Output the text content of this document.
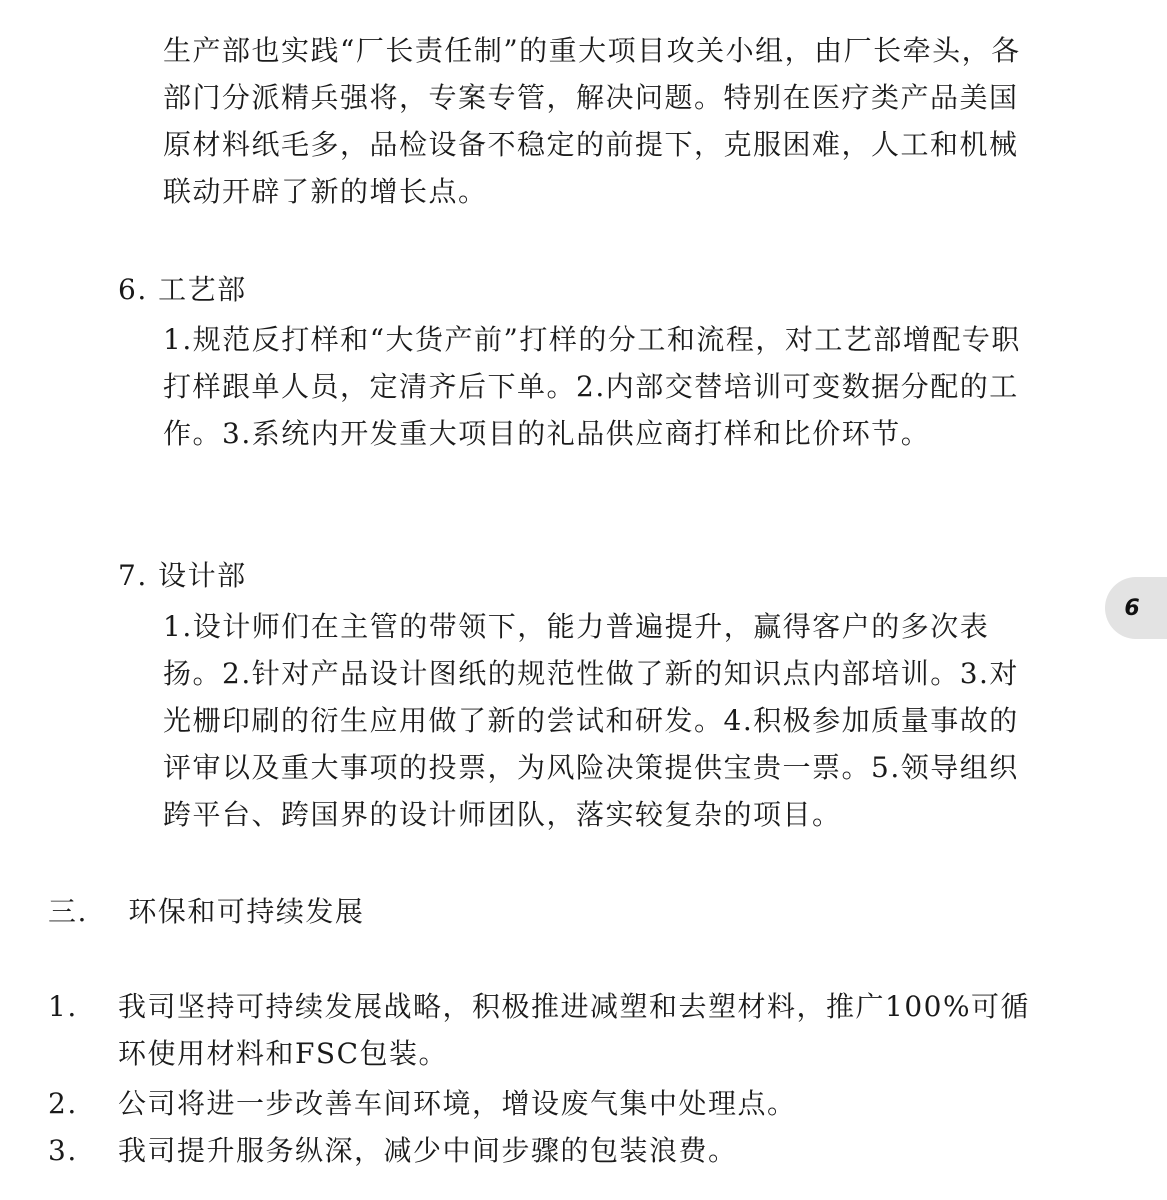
生产部也实践“厂长责任制”的重大项目攻关小组，由厂长牵头，各部门分派精兵强将，专案专管，解决问题。特别在医疗类产品美国原材料纸毛多，品检设备不稳定的前提下，克服困难，人工和机械联动开辟了新的增长点。

6. 工艺部

1.规范反打样和“大货产前”打样的分工和流程，对工艺部增配专职打样跟单人员，定清齐后下单。2.内部交替培训可变数据分配的工作。3.系统内开发重大项目的礼品供应商打样和比价环节。

7. 设计部

1.设计师们在主管的带领下，能力普遍提升，赢得客户的多次表扬。2.针对产品设计图纸的规范性做了新的知识点内部培训。3.对光栅印刷的衍生应用做了新的尝试和研发。4.积极参加质量事故的评审以及重大事项的投票，为风险决策提供宝贵一票。5.领导组织跨平台、跨国界的设计师团队，落实较复杂的项目。

三. 环保和可持续发展
1.	我司坚持可持续发展战略，积极推进减塑和去塑材料，推广100%可循环使用材料和FSC包装。
2.	公司将进一步改善车间环境，增设废气集中处理点。
3.	我司提升服务纵深，减少中间步骤的包装浪费。
6
